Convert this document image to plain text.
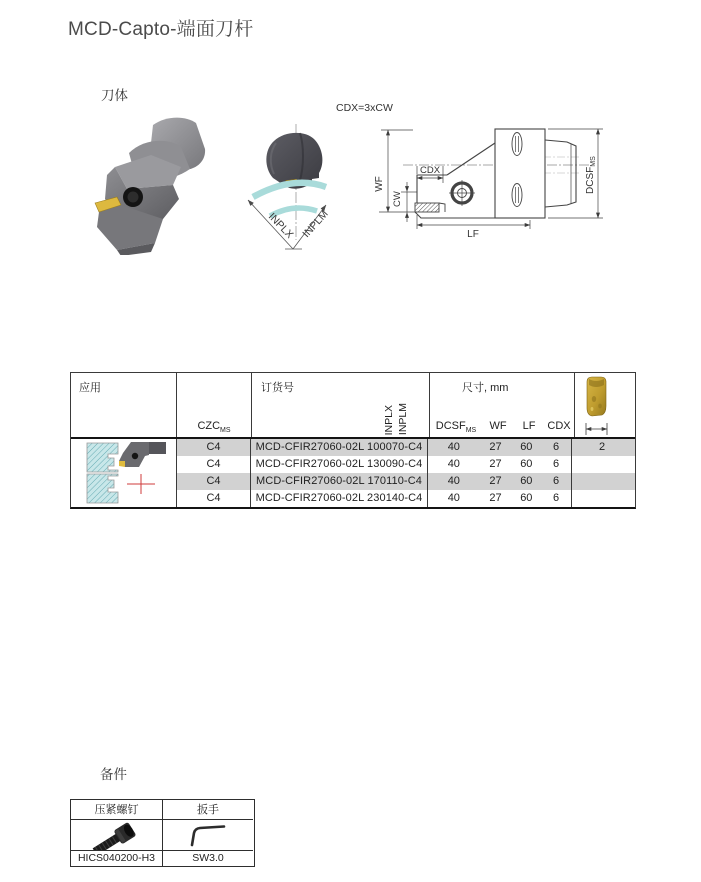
MCD-Capto-端面刀杆
刀体
CDX=3xCW
INPLX INPLM
WF
CW
CDX
LF
$DCSF_{MS}$
应用
$CZC_{MS}$
订货号
INPLX INPLM
尺寸, mm
$DCSF_{MS}$	WF	LF	CDX
C4	MCD-CFIR27060-02L 100070-C4	40	27	60	6	2
C4	MCD-CFIR27060-02L 130090-C4	40	27	60	6
C4	MCD-CFIR27060-02L 170110-C4	40	27	60	6
C4	MCD-CFIR27060-02L 230140-C4	40	27	60	6
备件
压紧螺钉	扳手
HICS040200-H3	SW3.0
